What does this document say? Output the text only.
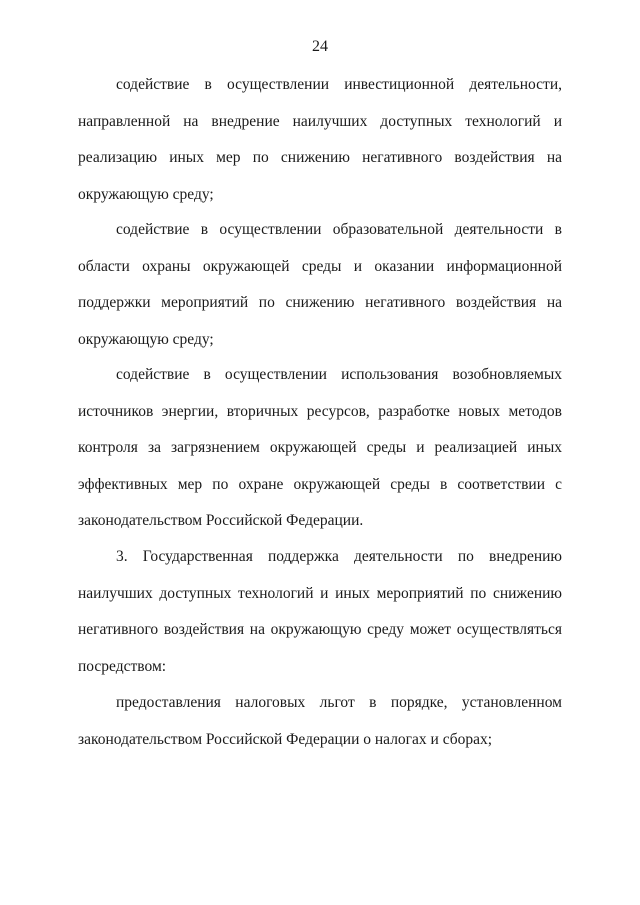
24

содействие в осуществлении инвестиционной деятельности, направленной на внедрение наилучших доступных технологий и реализацию иных мер по снижению негативного воздействия на окружающую среду;

содействие в осуществлении образовательной деятельности в области охраны окружающей среды и оказании информационной поддержки мероприятий по снижению негативного воздействия на окружающую среду;

содействие в осуществлении использования возобновляемых источников энергии, вторичных ресурсов, разработке новых методов контроля за загрязнением окружающей среды и реализацией иных эффективных мер по охране окружающей среды в соответствии с законодательством Российской Федерации.

3. Государственная поддержка деятельности по внедрению наилучших доступных технологий и иных мероприятий по снижению негативного воздействия на окружающую среду может осуществляться посредством:

предоставления налоговых льгот в порядке, установленном законодательством Российской Федерации о налогах и сборах;
